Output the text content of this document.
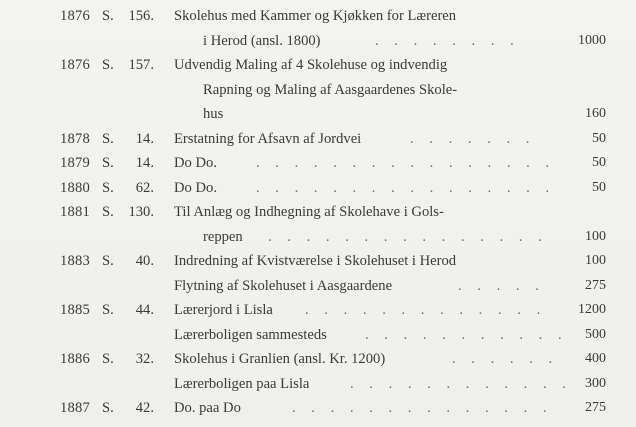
1876 S.	156. Skolehus med Kammer og Kjøkken for Læreren
i Herod (ansl. 1800)	. . . . . . . .	1000
1876 S.	157. Udvendig Maling af 4 Skolehuse og indvendig
Rapning og Maling af Aasgaardenes Skole-
hus	160
1878 S.	14. Erstatning for Afsavn af Jordvei	. . . . . . .	50
1879 S.	14. Do Do.	. . . . . . . . . . . . . . . .	50
1880 S.	62. Do Do.	. . . . . . . . . . . . . . . .	50
1881 S.	130. Til Anlæg og Indhegning af Skolehave i Gols-
reppen	. . . . . . . . . . . . . . .	100
1883 S.	40. Indredning af Kvistværelse i Skolehuset i Herod	100
Flytning af Skolehuset i Aasgaardene	. . . . .	275
1885 S.	44. Lærerjord i Lisla	. . . . . . . . . . . . .	1200
Lærerboligen sammesteds	. . . . . . . . . . .	500
1886 S.	32. Skolehus i Granlien (ansl. Kr. 1200)	. . . . . .	400
Lærerboligen paa Lisla	. . . . . . . . . . . . 300
1887 S.	42. Do. paa Do	. . . . . . . . . . . . . .	275
